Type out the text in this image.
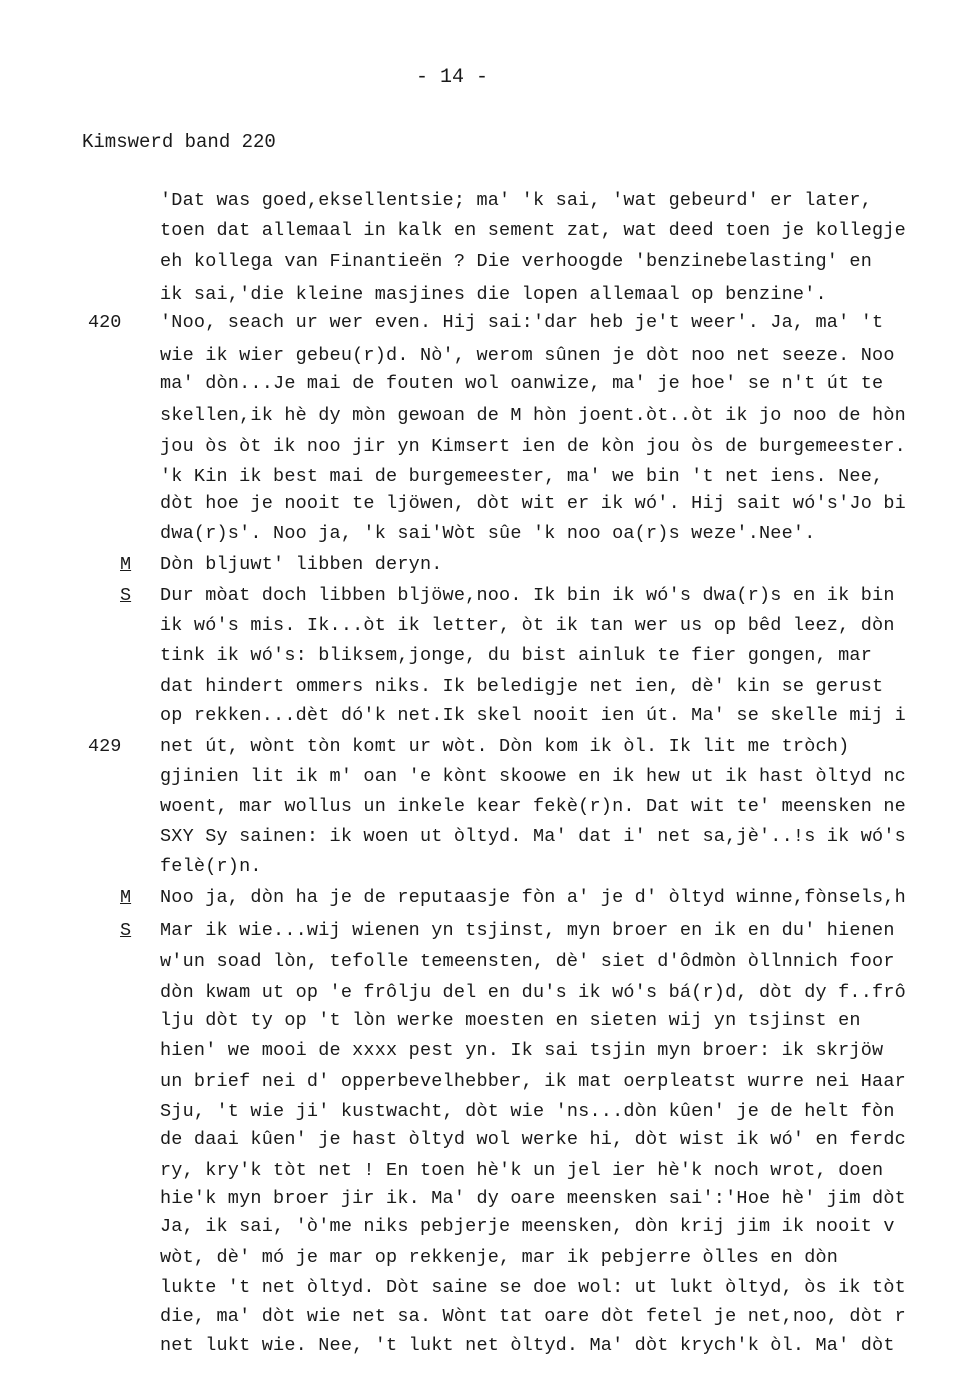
- 14 -
Kimswerd band 220
420
M
S
429
M
S
'Dat was goed,eksellentsie; ma' 'k sai, 'wat gebeurd' er later,
toen dat allemaal in kalk en sement zat, wat deed toen je kollegje
eh kollega van Finantieën ? Die verhoogde 'benzinebelasting' en
ik sai,'die kleine masjines die lopen allemaal op benzine'.
'Noo, seach ur wer even. Hij sai:'dar heb je't weer'. Ja, ma' 't
wie ik wier gebeu(r)d. Nò', werom sûnen je dòt noo net seeze. Noo
ma' dòn...Je mai de fouten wol oanwize, ma' je hoe' se n't út te
skellen,ik hè dy mòn gewoan de M hòn joent.òt..òt ik jo noo de hòn
jou òs òt ik noo jir yn Kimsert ien de kòn jou òs de burgemeester.
'k Kin ik best mai de burgemeester, ma' we bin 't net iens. Nee,
dòt hoe je nooit te ljöwen, dòt wit er ik wó'. Hij sait wó's'Jo bi
dwa(r)s'. Noo ja, 'k sai'Wòt sûe 'k noo oa(r)s weze'.Nee'.
Dòn bljuwt' libben deryn.
Dur mòat doch libben bljöwe,noo. Ik bin ik wó's dwa(r)s en ik bin
ik wó's mis. Ik...òt ik letter, òt ik tan wer us op bêd leez, dòn
tink ik wó's: bliksem,jonge, du bist ainluk te fier gongen, mar
dat hindert ommers niks. Ik beledigje net ien, dè' kin se gerust
op rekken...dèt dó'k net.Ik skel nooit ien út. Ma' se skelle mij i
net út, wònt tòn komt ur wòt. Dòn kom ik òl. Ik lit me tròch)
gjinien lit ik m' oan 'e kònt skoowe en ik hew ut ik hast òltyd nc
woent, mar wollus un inkele kear fekè(r)n. Dat wit te' meensken ne
SXY Sy sainen: ik woen ut òltyd. Ma' dat i' net sa,jè'..!s ik wó's
felè(r)n.
Noo ja, dòn ha je de reputaasje fòn a' je d' òltyd winne,fònsels,h
Mar ik wie...wij wienen yn tsjinst, myn broer en ik en du' hienen
w'un soad lòn, tefolle temeensten, dè' siet d'ôdmòn òllnnich foor
dòn kwam ut op 'e frôlju del en du's ik wó's bá(r)d, dòt dy f..frô
lju dòt ty op 't lòn werke moesten en sieten wij yn tsjinst en
hien' we mooi de xxxx pest yn. Ik sai tsjin myn broer: ik skrjöw
un brief nei d' opperbevelhebber, ik mat oerpleatst wurre nei Haar
Sju, 't wie ji' kustwacht, dòt wie 'ns...dòn kûen' je de helt fòn
de daai kûen' je hast òltyd wol werke hi, dòt wist ik wó' en ferdc
ry, kry'k tòt net ! En toen hè'k un jel ier hè'k noch wrot, doen
hie'k myn broer jir ik. Ma' dy oare meensken sai':'Hoe hè' jim dòt
Ja, ik sai, 'ò'me niks pebjerje meensken, dòn krij jim ik nooit v
wòt, dè' mó je mar op rekkenje, mar ik pebjerre òlles en dòn
lukte 't net òltyd. Dòt saine se doe wol: ut lukt òltyd, òs ik tòt
die, ma' dòt wie net sa. Wònt tat oare dòt fetel je net,noo, dòt r
net lukt wie. Nee, 't lukt net òltyd. Ma' dòt krych'k òl. Ma' dòt
